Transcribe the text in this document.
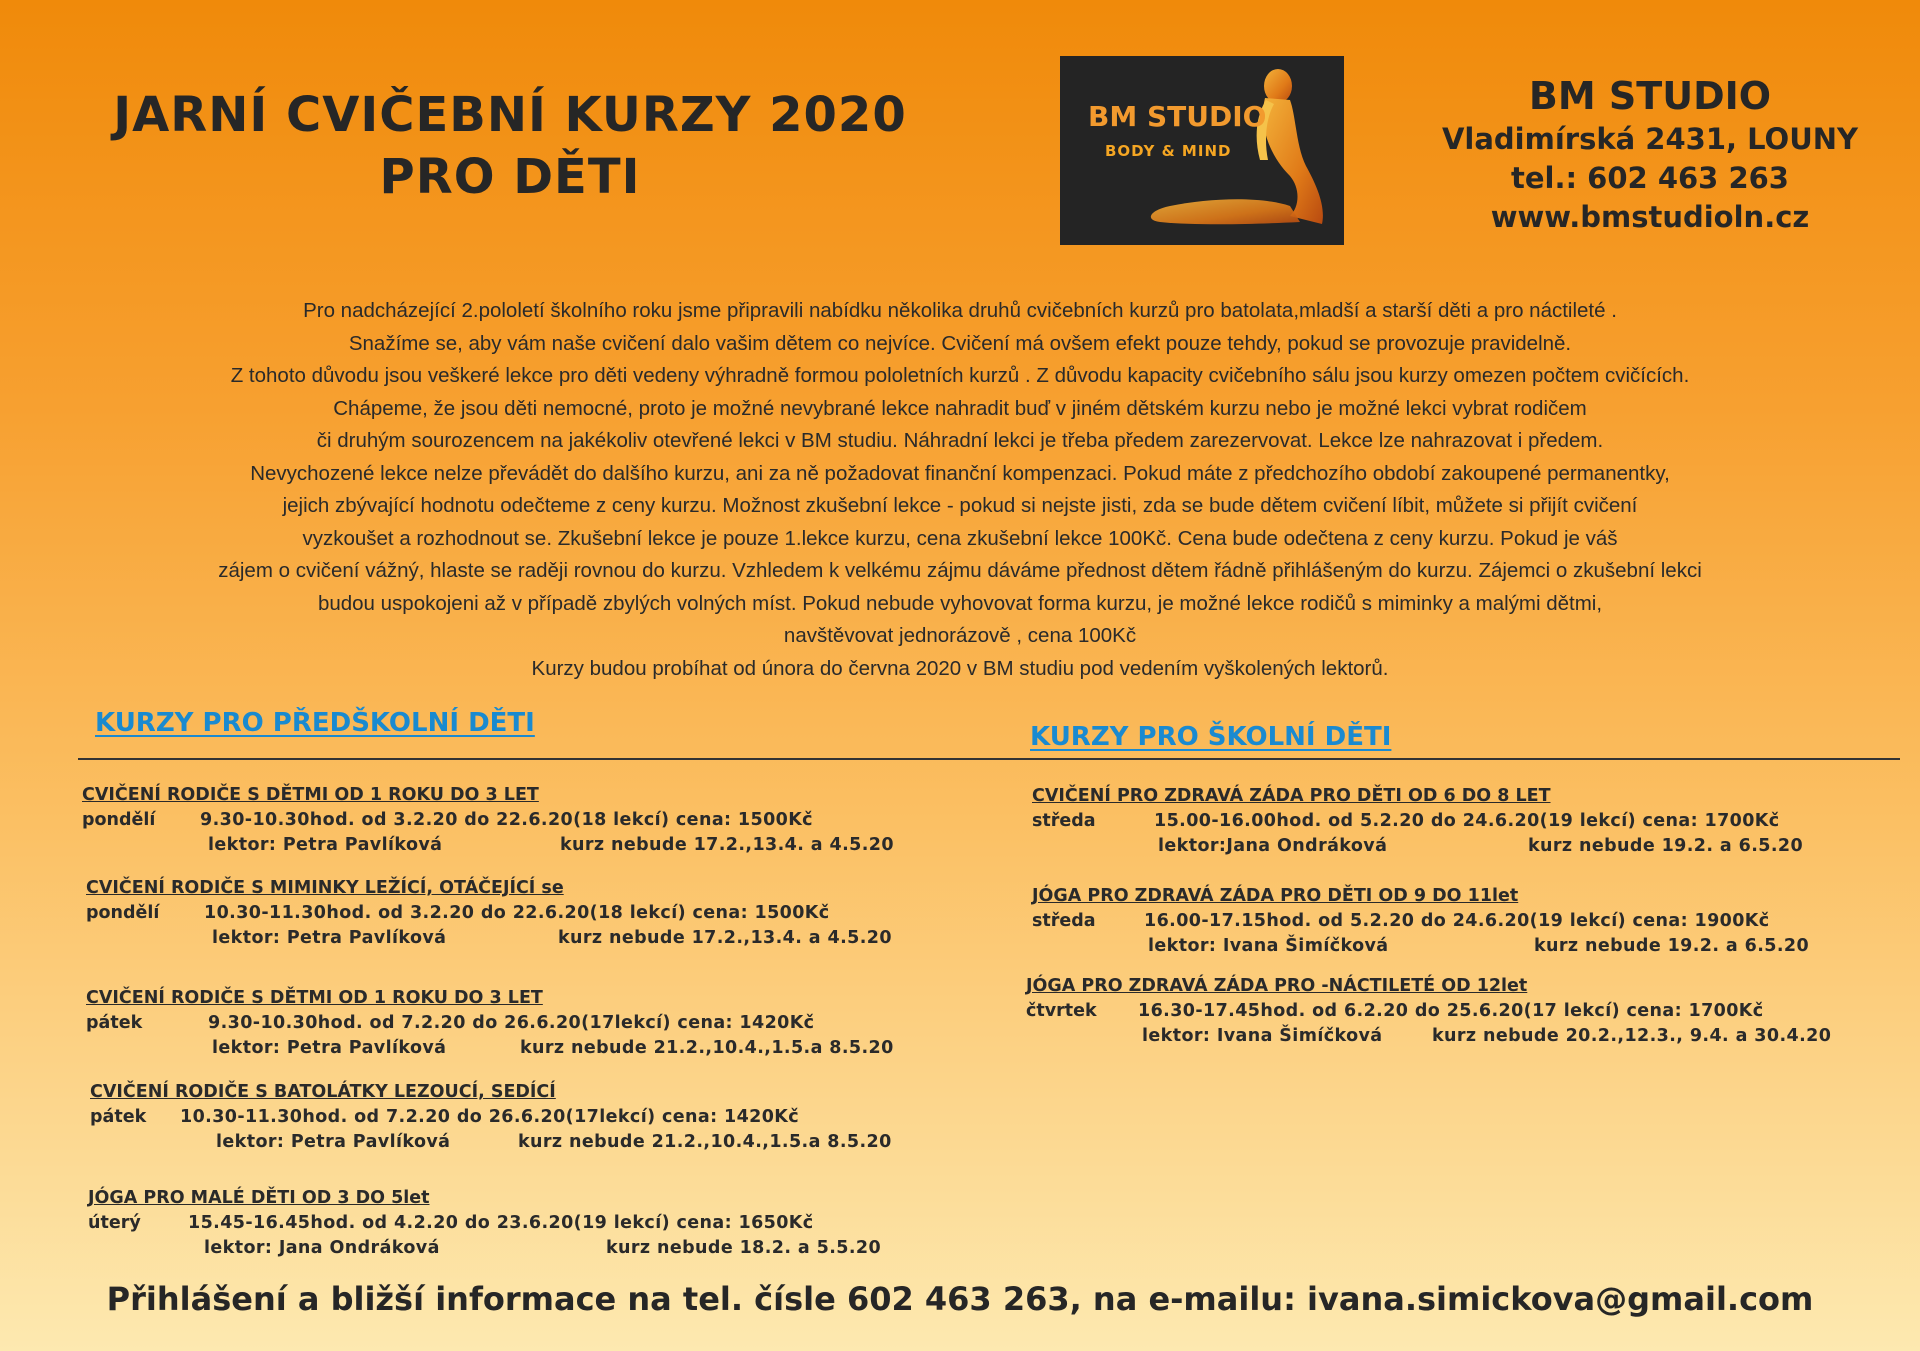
JARNÍ CVIČEBNÍ KURZY 2020
PRO DĚTI
BM STUDIO
BODY & MIND
BM STUDIO
Vladimírská 2431, LOUNY
tel.: 602 463 263
www.bmstudioln.cz
Pro nadcházející 2.pololetí školního roku jsme připravili nabídku několika druhů cvičebních kurzů pro batolata,mladší a starší děti a pro náctileté .
Snažíme se, aby vám naše cvičení dalo vašim dětem co nejvíce. Cvičení má ovšem efekt pouze tehdy, pokud se provozuje pravidelně.
Z tohoto důvodu jsou veškeré lekce pro děti vedeny výhradně formou pololetních kurzů . Z důvodu kapacity cvičebního sálu jsou kurzy omezen počtem cvičících.
Chápeme, že jsou děti nemocné, proto je možné nevybrané lekce nahradit buď v jiném dětském kurzu nebo je možné lekci vybrat rodičem
či druhým sourozencem na jakékoliv otevřené lekci v BM studiu. Náhradní lekci je třeba předem zarezervovat. Lekce lze nahrazovat i předem.
Nevychozené lekce nelze převádět do dalšího kurzu, ani za ně požadovat finanční kompenzaci. Pokud máte z předchozího období zakoupené permanentky,
jejich zbývající hodnotu odečteme z ceny kurzu. Možnost zkušební lekce - pokud si nejste jisti, zda se bude dětem cvičení líbit, můžete si přijít cvičení
vyzkoušet a rozhodnout se. Zkušební lekce je pouze 1.lekce kurzu, cena zkušební lekce 100Kč. Cena bude odečtena z ceny kurzu. Pokud je váš
zájem o cvičení vážný, hlaste se raději rovnou do kurzu. Vzhledem k velkému zájmu dáváme přednost dětem řádně přihlášeným do kurzu. Zájemci o zkušební lekci
budou uspokojeni až v případě zbylých volných míst. Pokud nebude vyhovovat forma kurzu, je možné lekce rodičů s miminky a malými dětmi,
navštěvovat jednorázově , cena 100Kč
Kurzy budou probíhat od února do června 2020 v BM studiu pod vedením vyškolených lektorů.
KURZY PRO PŘEDŠKOLNÍ DĚTI	KURZY PRO ŠKOLNÍ DĚTI
CVIČENÍ RODIČE S DĚTMI OD 1 ROKU DO 3 LET
pondělí	9.30-10.30hod. od 3.2.20 do 22.6.20(18 lekcí) cena: 1500Kč
lektor: Petra Pavlíková	kurz nebude 17.2.,13.4. a 4.5.20
CVIČENÍ RODIČE S MIMINKY LEŽÍCÍ, OTÁČEJÍCÍ se
pondělí	10.30-11.30hod. od 3.2.20 do 22.6.20(18 lekcí) cena: 1500Kč
lektor: Petra Pavlíková	kurz nebude 17.2.,13.4. a 4.5.20
CVIČENÍ RODIČE S DĚTMI OD 1 ROKU DO 3 LET
pátek	9.30-10.30hod. od 7.2.20 do 26.6.20(17lekcí) cena: 1420Kč
lektor: Petra Pavlíková	kurz nebude 21.2.,10.4.,1.5.a 8.5.20
CVIČENÍ RODIČE S BATOLÁTKY LEZOUCÍ, SEDÍCÍ
pátek 10.30-11.30hod. od 7.2.20 do 26.6.20(17lekcí) cena: 1420Kč
lektor: Petra Pavlíková	kurz nebude 21.2.,10.4.,1.5.a 8.5.20
JÓGA PRO MALÉ DĚTI OD 3 DO 5let
úterý	15.45-16.45hod. od 4.2.20 do 23.6.20(19 lekcí) cena: 1650Kč
lektor: Jana Ondráková	kurz nebude 18.2. a 5.5.20
CVIČENÍ PRO ZDRAVÁ ZÁDA PRO DĚTI OD 6 DO 8 LET
středa	15.00-16.00hod. od 5.2.20 do 24.6.20(19 lekcí) cena: 1700Kč
lektor:Jana Ondráková	kurz nebude 19.2. a 6.5.20
JÓGA PRO ZDRAVÁ ZÁDA PRO DĚTI OD 9 DO 11let
středa	16.00-17.15hod. od 5.2.20 do 24.6.20(19 lekcí) cena: 1900Kč
lektor: Ivana Šimíčková	kurz nebude 19.2. a 6.5.20
JÓGA PRO ZDRAVÁ ZÁDA PRO -NÁCTILETÉ OD 12let
čtvrtek 16.30-17.45hod. od 6.2.20 do 25.6.20(17 lekcí) cena: 1700Kč
lektor: Ivana Šimíčková	kurz nebude 20.2.,12.3., 9.4. a 30.4.20
Přihlášení a bližší informace na tel. čísle 602 463 263, na e-mailu: ivana.simickova@gmail.com
